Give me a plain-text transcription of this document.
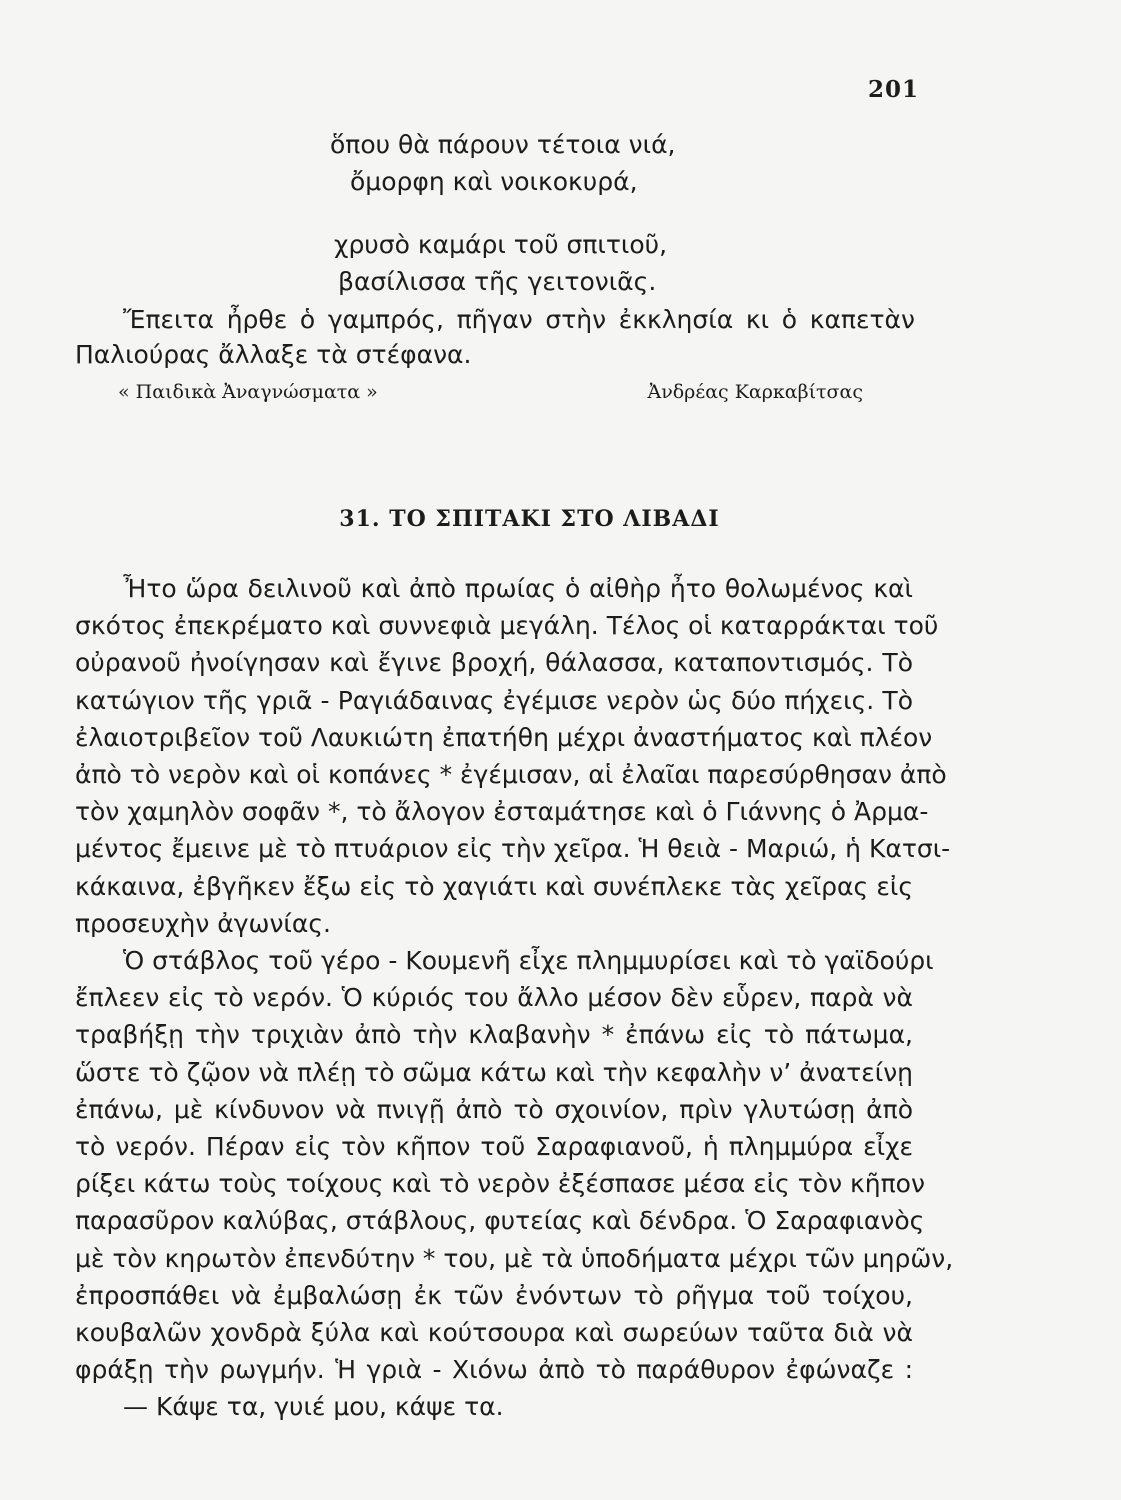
201
ὅπου θὰ πάρουν τέτοια νιά,
ὄμορφη καὶ νοικοκυρά,
χρυσὸ καμάρι τοῦ σπιτιοῦ,
βασίλισσα τῆς γειτονιᾶς.
Ἔπειτα ἦρθε ὁ γαμπρός, πῆγαν στὴν ἐκκλησία κι ὁ καπετὰν
Παλιούρας ἄλλαξε τὰ στέφανα.
« Παιδικὰ Ἀναγνώσματα »	Ἀνδρέας Καρκαβίτσας
31. ΤΟ ΣΠΙΤΑΚΙ ΣΤΟ ΛΙΒΑΔΙ
Ἦτο ὥρα δειλινοῦ καὶ ἀπὸ πρωίας ὁ αἰθὴρ ἦτο θολωμένος καὶ
σκότος ἐπεκρέματο καὶ συννεφιὰ μεγάλη. Τέλος οἱ καταρράκται τοῦ
οὐρανοῦ ἠνοίγησαν καὶ ἔγινε βροχή, θάλασσα, καταποντισμός. Τὸ
κατώγιον τῆς γριᾶ - Ραγιάδαινας ἐγέμισε νερὸν ὡς δύο πήχεις. Τὸ
ἐλαιοτριβεῖον τοῦ Λαυκιώτη ἐπατήθη μέχρι ἀναστήματος καὶ πλέον
ἀπὸ τὸ νερὸν καὶ οἱ κοπάνες * ἐγέμισαν, αἱ ἐλαῖαι παρεσύρθησαν ἀπὸ
τὸν χαμηλὸν σοφᾶν *, τὸ ἄλογον ἐσταμάτησε καὶ ὁ Γιάννης ὁ Ἀρμα-
μέντος ἔμεινε μὲ τὸ πτυάριον εἰς τὴν χεῖρα. Ἡ θειὰ - Μαριώ, ἡ Κατσι-
κάκαινα, ἐβγῆκεν ἔξω εἰς τὸ χαγιάτι καὶ συνέπλεκε τὰς χεῖρας εἰς
προσευχὴν ἀγωνίας.
Ὁ στάβλος τοῦ γέρο - Κουμενῆ εἶχε πλημμυρίσει καὶ τὸ γαϊδούρι
ἔπλεεν εἰς τὸ νερόν. Ὁ κύριός του ἄλλο μέσον δὲν εὗρεν, παρὰ νὰ
τραβήξῃ τὴν τριχιὰν ἀπὸ τὴν κλαβανὴν * ἐπάνω εἰς τὸ πάτωμα,
ὥστε τὸ ζῷον νὰ πλέῃ τὸ σῶμα κάτω καὶ τὴν κεφαλὴν ν’ ἀνατείνῃ
ἐπάνω, μὲ κίνδυνον νὰ πνιγῇ ἀπὸ τὸ σχοινίον, πρὶν γλυτώσῃ ἀπὸ
τὸ νερόν. Πέραν εἰς τὸν κῆπον τοῦ Σαραφιανοῦ, ἡ πλημμύρα εἶχε
ρίξει κάτω τοὺς τοίχους καὶ τὸ νερὸν ἐξέσπασε μέσα εἰς τὸν κῆπον
παρασῦρον καλύβας, στάβλους, φυτείας καὶ δένδρα. Ὁ Σαραφιανὸς
μὲ τὸν κηρωτὸν ἐπενδύτην * του, μὲ τὰ ὑποδήματα μέχρι τῶν μηρῶν,
ἐπροσπάθει νὰ ἐμβαλώσῃ ἐκ τῶν ἐνόντων τὸ ρῆγμα τοῦ τοίχου,
κουβαλῶν χονδρὰ ξύλα καὶ κούτσουρα καὶ σωρεύων ταῦτα διὰ νὰ
φράξῃ τὴν ρωγμήν. Ἡ γριὰ - Χιόνω ἀπὸ τὸ παράθυρον ἐφώναζε :
— Κάψε τα, γυιέ μου, κάψε τα.
